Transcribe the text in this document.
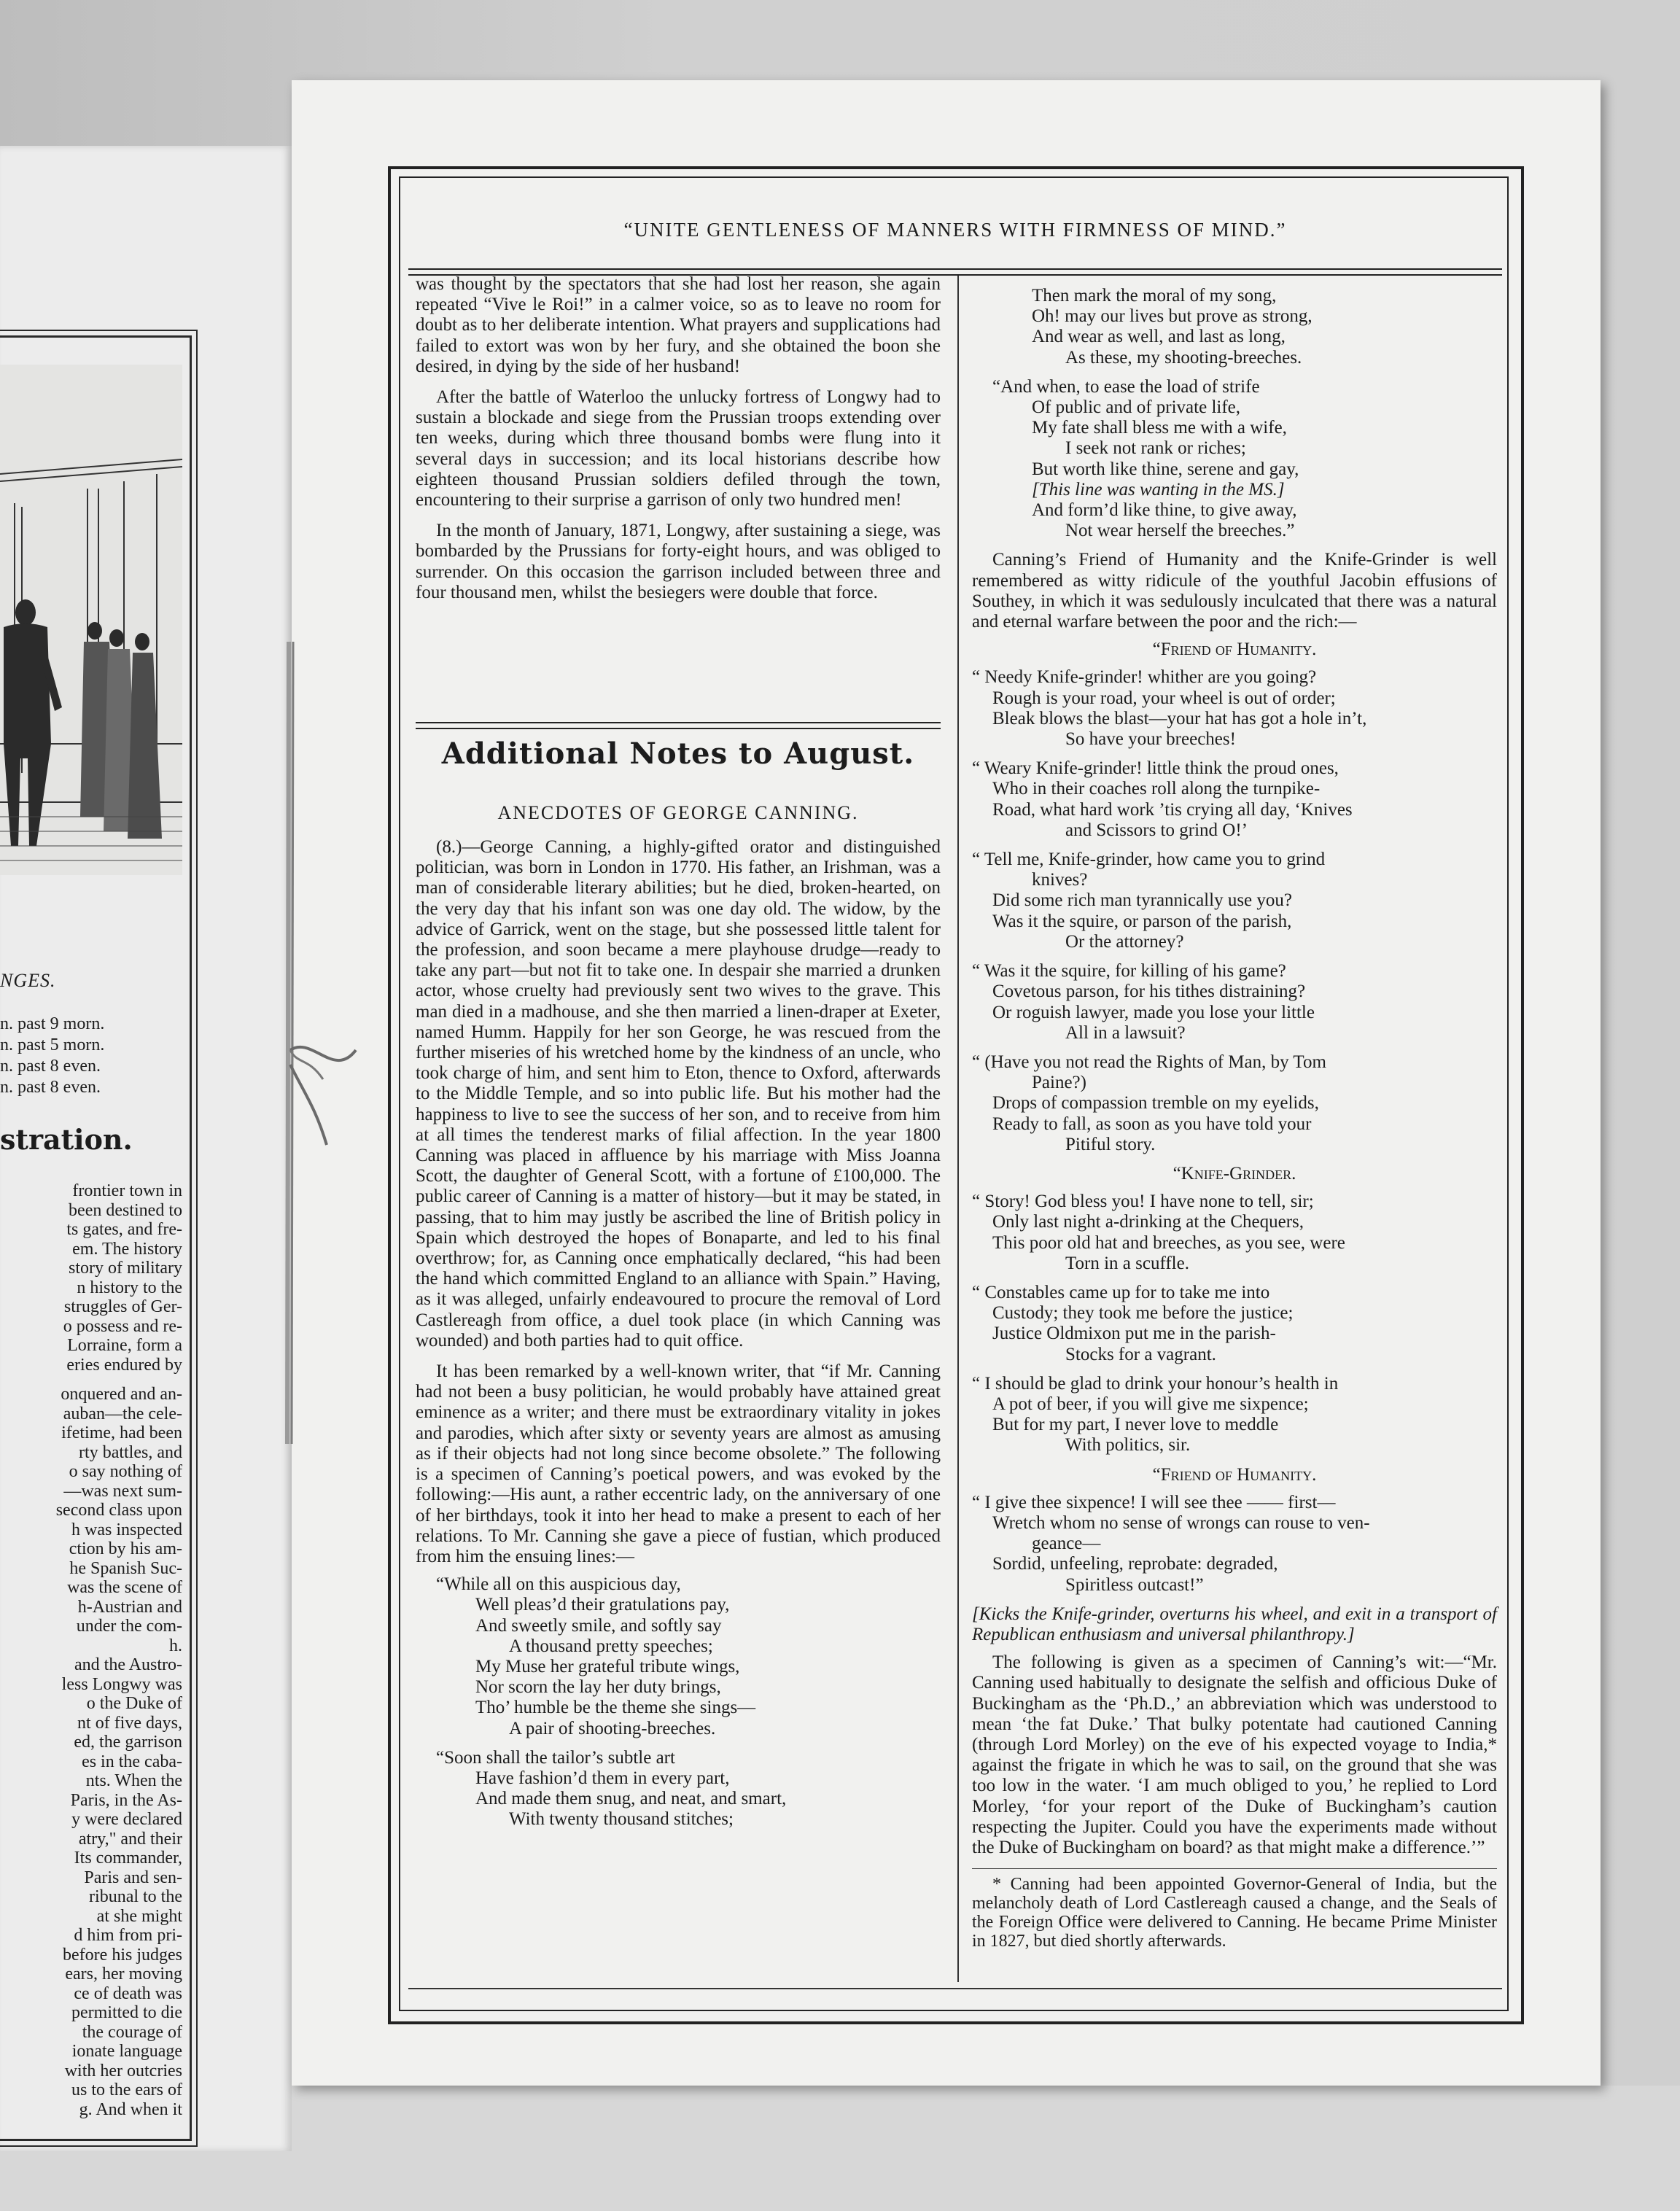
NGES.
n. past 9 morn.
n. past 5 morn.
n. past 8 even.
n. past 8 even.
stration.
frontier town in
been destined to
ts gates, and fre-
em. The history
story of military
n history to the
struggles of Ger-
o possess and re-
Lorraine, form a
eries endured by
onquered and an-
auban—the cele-
ifetime, had been
rty battles, and
o say nothing of
—was next sum-
second class upon
h was inspected
ction by his am-
he Spanish Suc-
was the scene of
h-Austrian and
under the com-
h.
and the Austro-
less Longwy was
o the Duke of
nt of five days,
ed, the garrison
es in the caba-
nts. When the
Paris, in the As-
y were declared
atry," and their
Its commander,
Paris and sen-
ribunal to the
at she might
d him from pri-
before his judges
ears, her moving
ce of death was
permitted to die
the courage of
ionate language
with her outcries
us to the ears of
g. And when it
“UNITE GENTLENESS OF MANNERS WITH FIRMNESS OF MIND.”

was thought by the spectators that she had lost her reason, she again repeated “Vive le Roi!” in a calmer voice, so as to leave no room for doubt as to her deliberate intention. What prayers and supplications had failed to extort was won by her fury, and she obtained the boon she desired, in dying by the side of her husband!

After the battle of Waterloo the unlucky fortress of Longwy had to sustain a blockade and siege from the Prussian troops extending over ten weeks, during which three thousand bombs were flung into it several days in succession; and its local historians describe how eighteen thousand Prussian soldiers defiled through the town, encountering to their surprise a garrison of only two hundred men!

In the month of January, 1871, Longwy, after sustaining a siege, was bombarded by the Prussians for forty-eight hours, and was obliged to surrender. On this occasion the garrison included between three and four thousand men, whilst the besiegers were double that force.

Additional Notes to August.
ANECDOTES OF GEORGE CANNING.

(8.)—George Canning, a highly-gifted orator and distinguished politician, was born in London in 1770. His father, an Irishman, was a man of considerable literary abilities; but he died, broken-hearted, on the very day that his infant son was one day old. The widow, by the advice of Garrick, went on the stage, but she possessed little talent for the profession, and soon became a mere playhouse drudge—ready to take any part—but not fit to take one. In despair she married a drunken actor, whose cruelty had previously sent two wives to the grave. This man died in a madhouse, and she then married a linen-draper at Exeter, named Humm. Happily for her son George, he was rescued from the further miseries of his wretched home by the kindness of an uncle, who took charge of him, and sent him to Eton, thence to Oxford, afterwards to the Middle Temple, and so into public life. But his mother had the happiness to live to see the success of her son, and to receive from him at all times the tenderest marks of filial affection. In the year 1800 Canning was placed in affluence by his marriage with Miss Joanna Scott, the daughter of General Scott, with a fortune of £100,000. The public career of Canning is a matter of history—but it may be stated, in passing, that to him may justly be ascribed the line of British policy in Spain which destroyed the hopes of Bonaparte, and led to his final overthrow; for, as Canning once emphatically declared, “his had been the hand which committed England to an alliance with Spain.” Having, as it was alleged, unfairly endeavoured to procure the removal of Lord Castlereagh from office, a duel took place (in which Canning was wounded) and both parties had to quit office.

It has been remarked by a well-known writer, that “if Mr. Canning had not been a busy politician, he would probably have attained great eminence as a writer; and there must be extraordinary vitality in jokes and parodies, which after sixty or seventy years are almost as amusing as if their objects had not long since become obsolete.” The following is a specimen of Canning’s poetical powers, and was evoked by the following:—His aunt, a rather eccentric lady, on the anniversary of one of her birthdays, took it into her head to make a present to each of her relations. To Mr. Canning she gave a piece of fustian, which produced from him the ensuing lines:—

“While all on this auspicious day,
Well pleas’d their gratulations pay,
And sweetly smile, and softly say
A thousand pretty speeches;
My Muse her grateful tribute wings,
Nor scorn the lay her duty brings,
Tho’ humble be the theme she sings—
A pair of shooting-breeches.
“Soon shall the tailor’s subtle art
Have fashion’d them in every part,
And made them snug, and neat, and smart,
With twenty thousand stitches;
Then mark the moral of my song,
Oh! may our lives but prove as strong,
And wear as well, and last as long,
As these, my shooting-breeches.
“And when, to ease the load of strife
Of public and of private life,
My fate shall bless me with a wife,
I seek not rank or riches;
But worth like thine, serene and gay,
[This line was wanting in the MS.]
And form’d like thine, to give away,
Not wear herself the breeches.”

Canning’s Friend of Humanity and the Knife-Grinder is well remembered as witty ridicule of the youthful Jacobin effusions of Southey, in which it was sedulously inculcated that there was a natural and eternal warfare between the poor and the rich:—

“Friend of Humanity.
“ Needy Knife-grinder! whither are you going?
Rough is your road, your wheel is out of order;
Bleak blows the blast—your hat has got a hole in’t,
So have your breeches!
“ Weary Knife-grinder! little think the proud ones,
Who in their coaches roll along the turnpike-
Road, what hard work ’tis crying all day, ‘Knives
and Scissors to grind O!’
“ Tell me, Knife-grinder, how came you to grind
knives?
Did some rich man tyrannically use you?
Was it the squire, or parson of the parish,
Or the attorney?
“ Was it the squire, for killing of his game?
Covetous parson, for his tithes distraining?
Or roguish lawyer, made you lose your little
All in a lawsuit?
“ (Have you not read the Rights of Man, by Tom
Paine?)
Drops of compassion tremble on my eyelids,
Ready to fall, as soon as you have told your
Pitiful story.
“Knife-Grinder.
“ Story! God bless you! I have none to tell, sir;
Only last night a-drinking at the Chequers,
This poor old hat and breeches, as you see, were
Torn in a scuffle.
“ Constables came up for to take me into
Custody; they took me before the justice;
Justice Oldmixon put me in the parish-
Stocks for a vagrant.
“ I should be glad to drink your honour’s health in
A pot of beer, if you will give me sixpence;
But for my part, I never love to meddle
With politics, sir.
“Friend of Humanity.
“ I give thee sixpence! I will see thee —— first—
Wretch whom no sense of wrongs can rouse to ven-
geance—
Sordid, unfeeling, reprobate: degraded,
Spiritless outcast!”

[Kicks the Knife-grinder, overturns his wheel, and exit in a transport of Republican enthusiasm and universal philanthropy.]

The following is given as a specimen of Canning’s wit:—“Mr. Canning used habitually to designate the selfish and officious Duke of Buckingham as the ‘Ph.D.,’ an abbreviation which was understood to mean ‘the fat Duke.’ That bulky potentate had cautioned Canning (through Lord Morley) on the eve of his expected voyage to India,* against the frigate in which he was to sail, on the ground that she was too low in the water. ‘I am much obliged to you,’ he replied to Lord Morley, ‘for your report of the Duke of Buckingham’s caution respecting the Jupiter. Could you have the experiments made without the Duke of Buckingham on board? as that might make a difference.’”

* Canning had been appointed Governor-General of India, but the melancholy death of Lord Castlereagh caused a change, and the Seals of the Foreign Office were delivered to Canning. He became Prime Minister in 1827, but died shortly afterwards.
